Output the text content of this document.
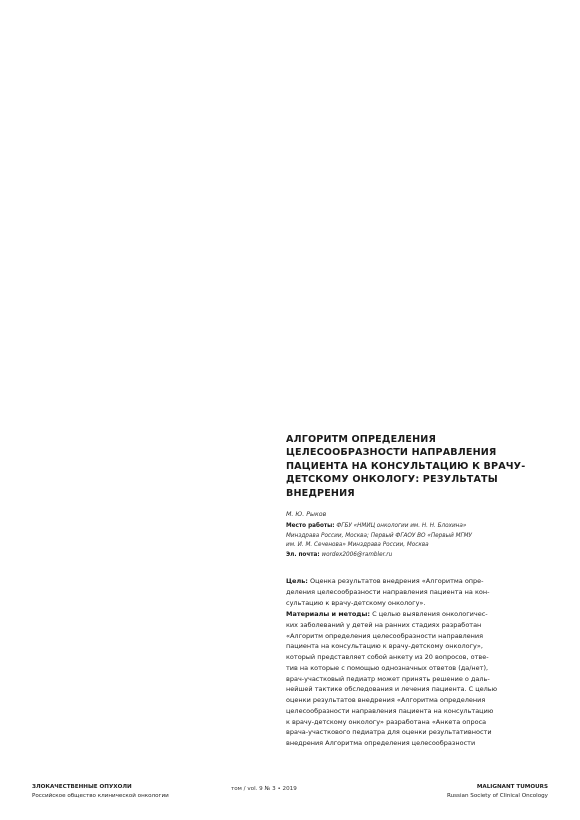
АЛГОРИТМ ОПРЕДЕЛЕНИЯ
ЦЕЛЕСООБРАЗНОСТИ НАПРАВЛЕНИЯ
ПАЦИЕНТА НА КОНСУЛЬТАЦИЮ К ВРАЧУ-
ДЕТСКОМУ ОНКОЛОГУ: РЕЗУЛЬТАТЫ
ВНЕДРЕНИЯ
М. Ю. Рыков
Место работы: ФГБУ «НМИЦ онкологии им. Н. Н. Блохина»
Минздрава России, Москва; Первый ФГАОУ ВО «Первый МГМУ
им. И. М. Сеченова» Минздрава России, Москва
Эл. почта: wordex2006@rambler.ru
Цель: Оценка результатов внедрения «Алгоритма опре-
деления целесообразности направления пациента на кон-
сультацию к врачу-детскому онкологу».
Материалы и методы: С целью выявления онкологичес-
ких заболеваний у детей на ранних стадиях разработан
«Алгоритм определения целесообразности направления
пациента на консультацию к врачу-детскому онкологу»,
который представляет собой анкету из 20 вопросов, отве-
тив на которые с помощью однозначных ответов (да/нет),
врач-участковый педиатр может принять решение о даль-
нейшей тактике обследования и лечения пациента. С целью
оценки результатов внедрения «Алгоритма определения
целесообразности направления пациента на консультацию
к врачу-детскому онкологу» разработана «Анкета опроса
врача-участкового педиатра для оценки результативности
внедрения Алгоритма определения целесообразности
ЗЛОКАЧЕСТВЕННЫЕ ОПУХОЛИ
Российское общество клинической онкологии
том / vol. 9 № 3 • 2019	MALIGNANT TUMOURS
Russian Society of Clinical Oncology
